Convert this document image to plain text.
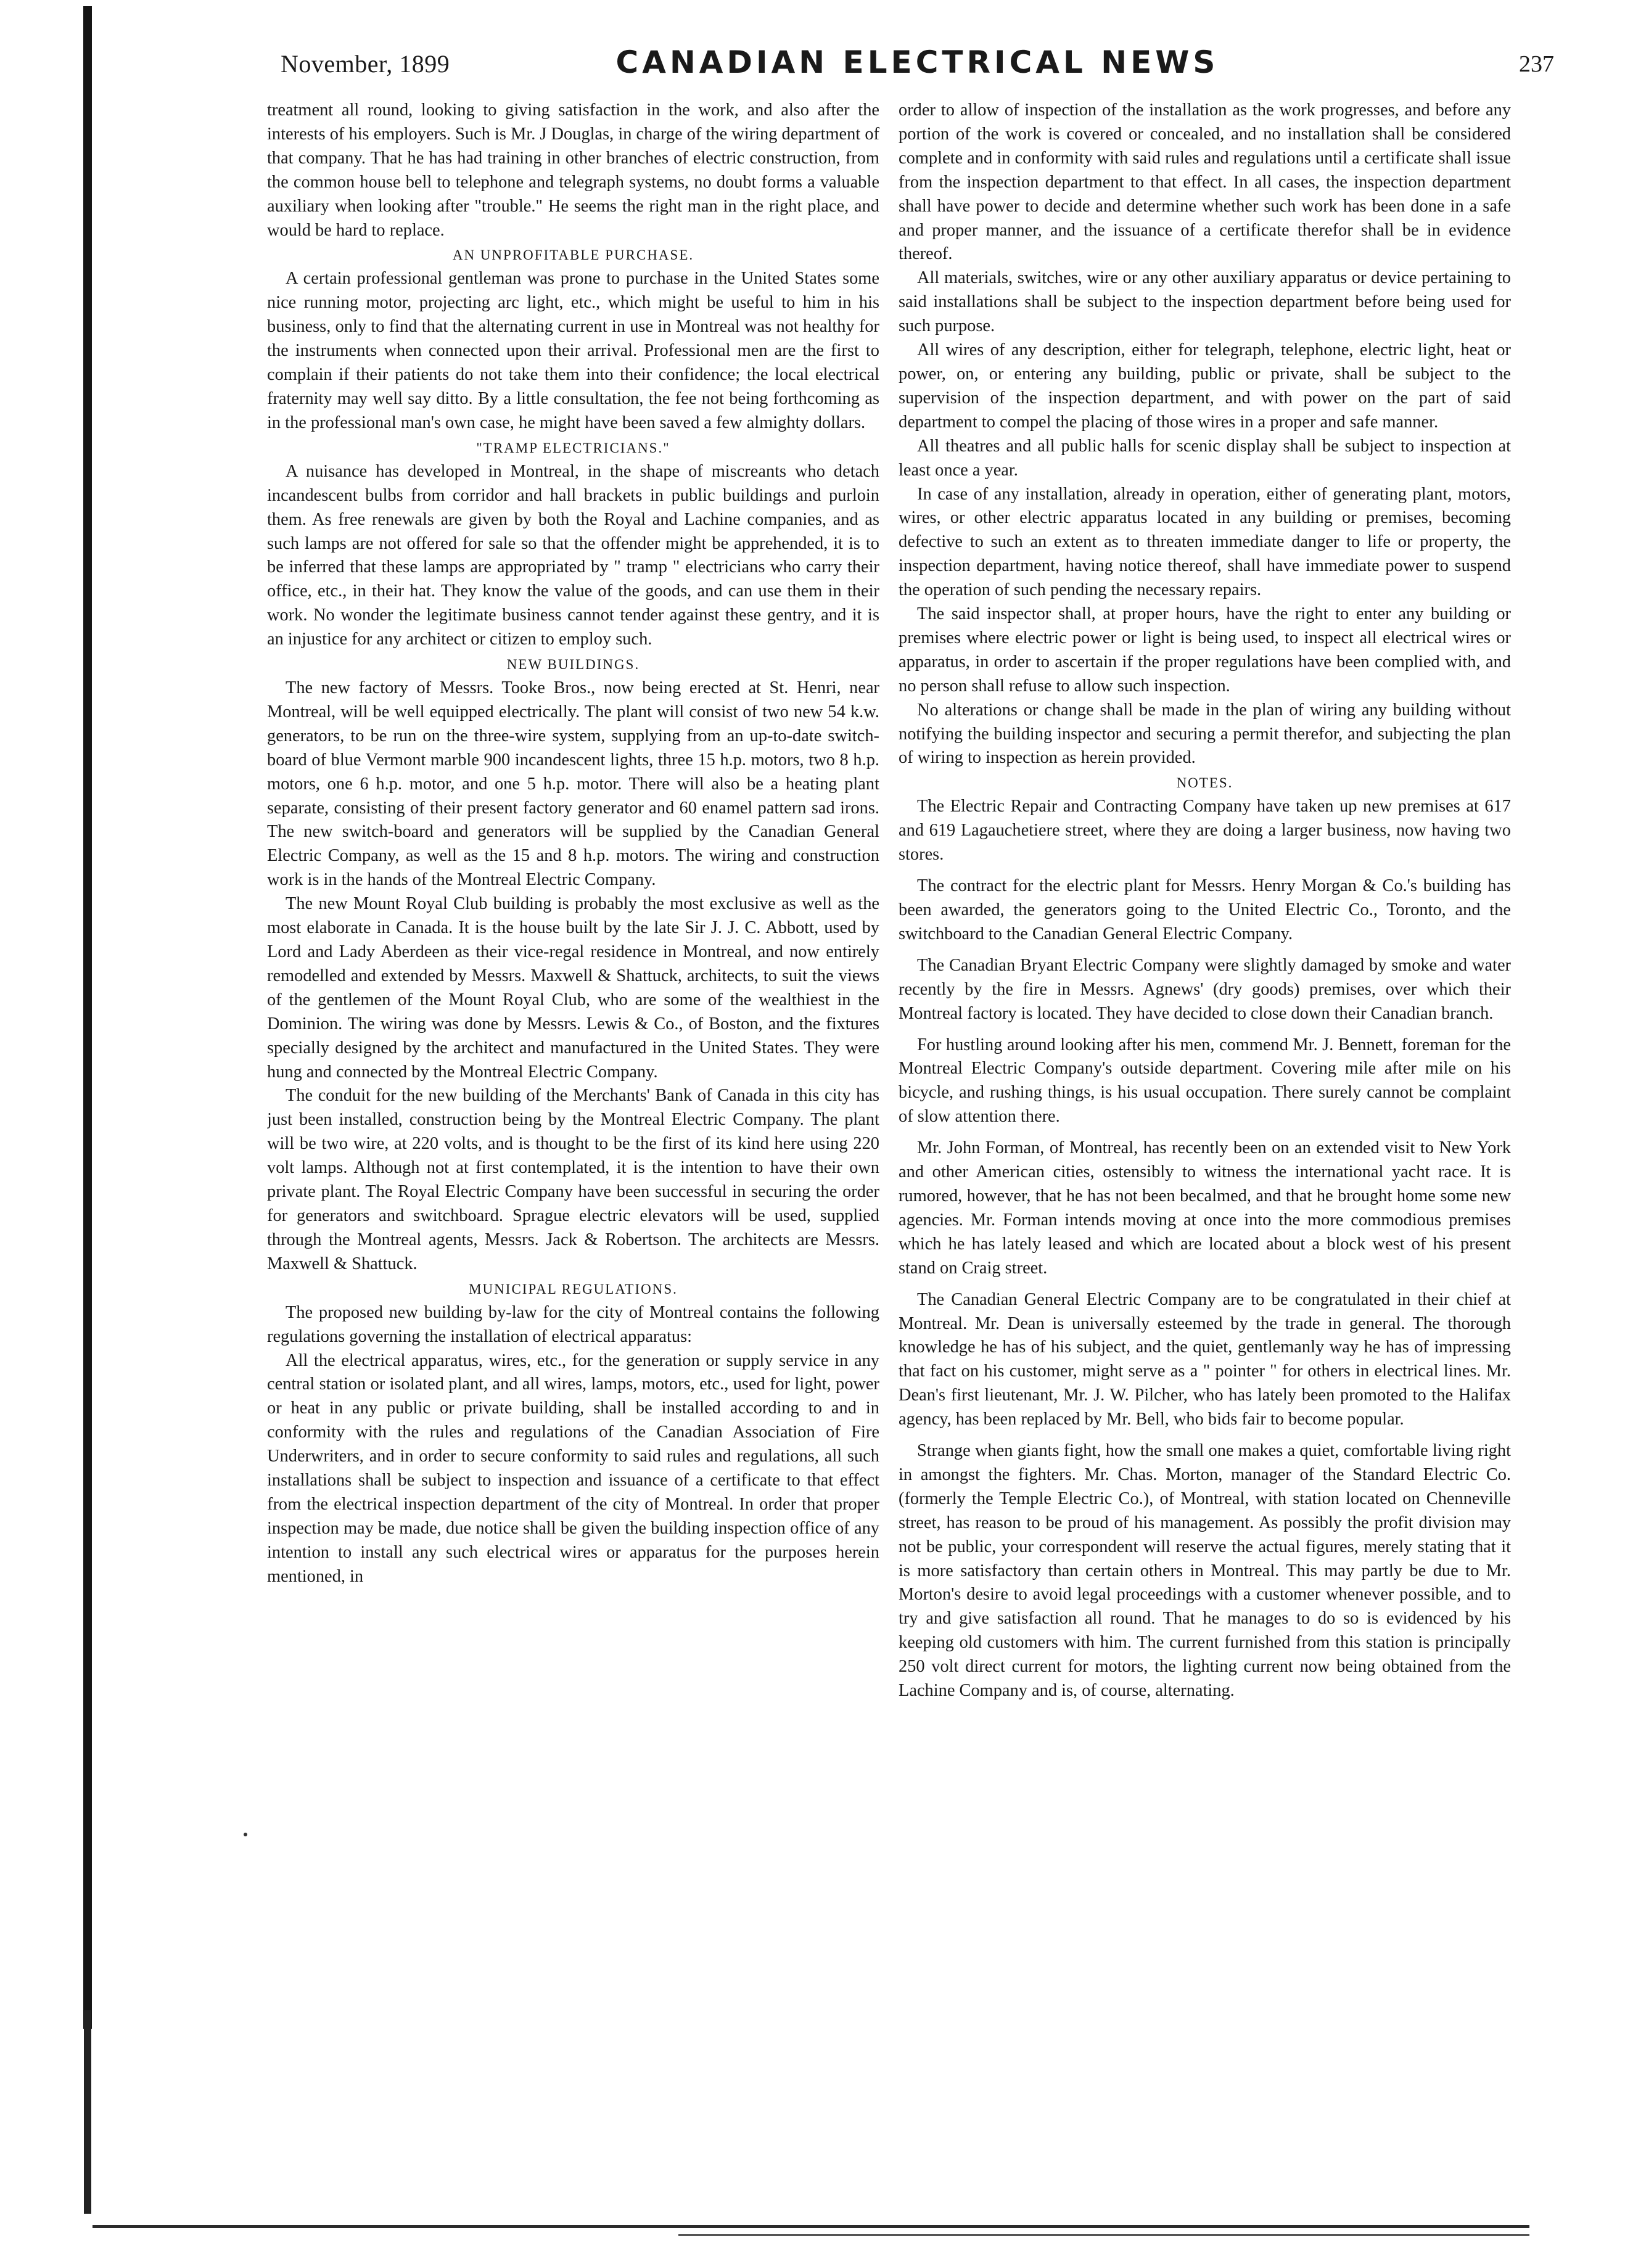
November, 1899	CANADIAN ELECTRICAL NEWS	237

treatment all round, looking to giving satisfaction in the work, and also after the interests of his employers. Such is Mr. J Douglas, in charge of the wiring department of that company. That he has had training in other branches of electric construction, from the common house bell to telephone and telegraph systems, no doubt forms a valuable auxiliary when looking after "trouble." He seems the right man in the right place, and would be hard to replace.

AN UNPROFITABLE PURCHASE.

A certain professional gentleman was prone to purchase in the United States some nice running motor, projecting arc light, etc., which might be useful to him in his business, only to find that the alternating current in use in Montreal was not healthy for the instruments when connected upon their arrival. Professional men are the first to complain if their patients do not take them into their confidence; the local electrical fraternity may well say ditto. By a little consultation, the fee not being forthcoming as in the professional man's own case, he might have been saved a few almighty dollars.

"TRAMP ELECTRICIANS."

A nuisance has developed in Montreal, in the shape of miscreants who detach incandescent bulbs from corridor and hall brackets in public buildings and purloin them. As free renewals are given by both the Royal and Lachine companies, and as such lamps are not offered for sale so that the offender might be apprehended, it is to be inferred that these lamps are appropriated by " tramp " electricians who carry their office, etc., in their hat. They know the value of the goods, and can use them in their work. No wonder the legitimate business cannot tender against these gentry, and it is an injustice for any architect or citizen to employ such.

NEW BUILDINGS.

The new factory of Messrs. Tooke Bros., now being erected at St. Henri, near Montreal, will be well equipped electrically. The plant will consist of two new 54 k.w. generators, to be run on the three-wire system, supplying from an up-to-date switch-board of blue Vermont marble 900 incandescent lights, three 15 h.p. motors, two 8 h.p. motors, one 6 h.p. motor, and one 5 h.p. motor. There will also be a heating plant separate, consisting of their present factory generator and 60 enamel pattern sad irons. The new switch-board and generators will be supplied by the Canadian General Electric Company, as well as the 15 and 8 h.p. motors. The wiring and construction work is in the hands of the Montreal Electric Company.

The new Mount Royal Club building is probably the most exclusive as well as the most elaborate in Canada. It is the house built by the late Sir J. J. C. Abbott, used by Lord and Lady Aberdeen as their vice-regal residence in Montreal, and now entirely remodelled and extended by Messrs. Maxwell & Shattuck, architects, to suit the views of the gentlemen of the Mount Royal Club, who are some of the wealthiest in the Dominion. The wiring was done by Messrs. Lewis & Co., of Boston, and the fixtures specially designed by the architect and manufactured in the United States. They were hung and connected by the Montreal Electric Company.

The conduit for the new building of the Merchants' Bank of Canada in this city has just been installed, construction being by the Montreal Electric Company. The plant will be two wire, at 220 volts, and is thought to be the first of its kind here using 220 volt lamps. Although not at first contemplated, it is the intention to have their own private plant. The Royal Electric Company have been successful in securing the order for generators and switchboard. Sprague electric elevators will be used, supplied through the Montreal agents, Messrs. Jack & Robertson. The architects are Messrs. Maxwell & Shattuck.

MUNICIPAL REGULATIONS.

The proposed new building by-law for the city of Montreal contains the following regulations governing the installation of electrical apparatus:

All the electrical apparatus, wires, etc., for the generation or supply service in any central station or isolated plant, and all wires, lamps, motors, etc., used for light, power or heat in any public or private building, shall be installed according to and in conformity with the rules and regulations of the Canadian Association of Fire Underwriters, and in order to secure conformity to said rules and regulations, all such installations shall be subject to inspection and issuance of a certificate to that effect from the electrical inspection department of the city of Montreal. In order that proper inspection may be made, due notice shall be given the building inspection office of any intention to install any such electrical wires or apparatus for the purposes herein mentioned, in

order to allow of inspection of the installation as the work progresses, and before any portion of the work is covered or concealed, and no installation shall be considered complete and in conformity with said rules and regulations until a certificate shall issue from the inspection department to that effect. In all cases, the inspection department shall have power to decide and determine whether such work has been done in a safe and proper manner, and the issuance of a certificate therefor shall be in evidence thereof.

All materials, switches, wire or any other auxiliary apparatus or device pertaining to said installations shall be subject to the inspection department before being used for such purpose.

All wires of any description, either for telegraph, telephone, electric light, heat or power, on, or entering any building, public or private, shall be subject to the supervision of the inspection department, and with power on the part of said department to compel the placing of those wires in a proper and safe manner.

All theatres and all public halls for scenic display shall be subject to inspection at least once a year.

In case of any installation, already in operation, either of generating plant, motors, wires, or other electric apparatus located in any building or premises, becoming defective to such an extent as to threaten immediate danger to life or property, the inspection department, having notice thereof, shall have immediate power to suspend the operation of such pending the necessary repairs.

The said inspector shall, at proper hours, have the right to enter any building or premises where electric power or light is being used, to inspect all electrical wires or apparatus, in order to ascertain if the proper regulations have been complied with, and no person shall refuse to allow such inspection.

No alterations or change shall be made in the plan of wiring any building without notifying the building inspector and securing a permit therefor, and subjecting the plan of wiring to inspection as herein provided.

NOTES.

The Electric Repair and Contracting Company have taken up new premises at 617 and 619 Lagauchetiere street, where they are doing a larger business, now having two stores.

The contract for the electric plant for Messrs. Henry Morgan & Co.'s building has been awarded, the generators going to the United Electric Co., Toronto, and the switchboard to the Canadian General Electric Company.

The Canadian Bryant Electric Company were slightly damaged by smoke and water recently by the fire in Messrs. Agnews' (dry goods) premises, over which their Montreal factory is located. They have decided to close down their Canadian branch.

For hustling around looking after his men, commend Mr. J. Bennett, foreman for the Montreal Electric Company's outside department. Covering mile after mile on his bicycle, and rushing things, is his usual occupation. There surely cannot be complaint of slow attention there.

Mr. John Forman, of Montreal, has recently been on an extended visit to New York and other American cities, ostensibly to witness the international yacht race. It is rumored, however, that he has not been becalmed, and that he brought home some new agencies. Mr. Forman intends moving at once into the more commodious premises which he has lately leased and which are located about a block west of his present stand on Craig street.

The Canadian General Electric Company are to be congratulated in their chief at Montreal. Mr. Dean is universally esteemed by the trade in general. The thorough knowledge he has of his subject, and the quiet, gentlemanly way he has of impressing that fact on his customer, might serve as a " pointer " for others in electrical lines. Mr. Dean's first lieutenant, Mr. J. W. Pilcher, who has lately been promoted to the Halifax agency, has been replaced by Mr. Bell, who bids fair to become popular.

Strange when giants fight, how the small one makes a quiet, comfortable living right in amongst the fighters. Mr. Chas. Morton, manager of the Standard Electric Co. (formerly the Temple Electric Co.), of Montreal, with station located on Chenneville street, has reason to be proud of his management. As possibly the profit division may not be public, your correspondent will reserve the actual figures, merely stating that it is more satisfactory than certain others in Montreal. This may partly be due to Mr. Morton's desire to avoid legal proceedings with a customer whenever possible, and to try and give satisfaction all round. That he manages to do so is evidenced by his keeping old customers with him. The current furnished from this station is principally 250 volt direct current for motors, the lighting current now being obtained from the Lachine Company and is, of course, alternating.
